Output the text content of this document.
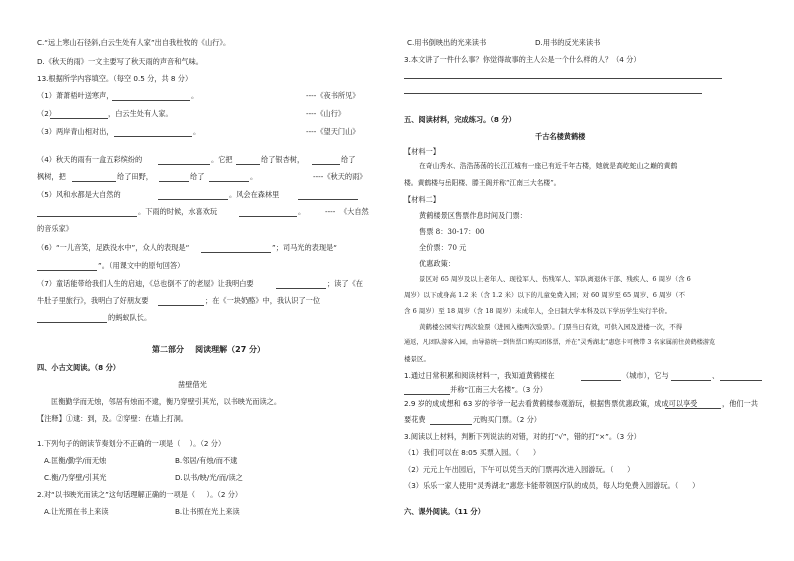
C.“远上寒山石径斜,白云生处有人家”出自我杜牧的《山行》。
D.《秋天的雨》一文主要写了秋天雨的声音和气味。
13.根据所学内容填空。（每空 0.5 分，共 8 分）
（1）萧萧梧叶送寒声，	。	----《夜书所见》
（2）	，白云生处有人家。	----《山行》
（3）两岸青山相对出，	。	----《望天门山》
（4）秋天的雨有一盒五彩缤纷的	。它把	给了银杏树，	给了
枫树，把	给了田野，	给了	。	----《秋天的雨》
（5）风和水都是大自然的	。风会在森林里
。下雨的时候，水喜欢玩	。	----  《大自然
的音乐家》
（6）“一儿音笑，足跌没水中”，众人的表现是“	”；司马光的表现是“
”。（用课文中的原句回答）
（7）童话能带给我们人生的启迪，《总也倒不了的老屋》让我明白要	；读了《在
牛肚子里旅行》，我明白了好朋友要	；在《一块奶酪》中，我认识了一位
的蚂蚁队长。
第二部分    阅读理解（27 分）
四、小古文阅读。（8 分）
凿壁借光
匡衡勤学而无烛，邻居有烛而不逮，衡乃穿壁引其光，以书映光而读之。
【注释】①逮：到，及。②穿壁：在墙上打洞。
1.下列句子的朗读节奏划分不正确的一项是（    ）。（2 分）
A.匡衡/勤学/而无烛	B.邻居/有烛/而不逮
C.衡/乃穿壁/引其光	D.以书/映/光/而/读之
2.对“以书映光而读之”这句话理解正确的一项是（     ）。（2 分）
A.让光照在书上来读	B.让书照在光上来读
C.用书倒映出的光来读书	D.用书的反光来读书
3.本文讲了一件什么事？你觉得故事的主人公是一个什么样的人？（4 分）
五、阅读材料，完成练习。（8 分）
千古名楼黄鹤楼
【材料一】
在奇山秀水、浩浩荡荡的长江江城有一座已有近千年古楼，她就是高屹蛇山之巅的黄鹤
楼。黄鹤楼与岳阳楼、滕王阁并称“江南三大名楼”。
【材料二】
黄鹤楼景区售票作息时间及门票：
售票 8：30-17：00
全价票：70 元
优惠政策：
景区对 65 周岁及以上老年人、现役军人、伤残军人、军队离退休干部、残疾人、6 周岁（含 6
周岁）以下或身高 1.2 米（含 1.2 米）以下的儿童免费入园；对 60 周岁至 65 周岁、6 周岁（不
含 6 周岁）至 18 周岁（含 18 周岁）未成年人，全日制大学本科及以下学历学生实行半价。
黄鹤楼公园实行两次验票（进园入楼两次验票）。门票当日有效，可供入园及进楼一次，不得
通返，凡团队游客入园，由导游统一到售票口购买团体票，并在“灵秀湖北”惠您卡可携带 3 名家属前往黄鹤楼游览
楼景区。
1.通过日常积累和阅读材料一，我知道黄鹤楼在	（城市），它与	、
并称“江南三大名楼”。（3 分）
2.9 岁的成成想和 63 岁的爷爷一起去看黄鹤楼参观游玩，根据售票优惠政策，成成可以享受	，他们一共
要花费	元购买门票。（2 分）
3.阅读以上材料，判断下列说法的对错，对的打“√”，错的打“×”。（3 分）
（1）我们可以在 8:05 买票入园。（      ）
（2）元元上午出园后，下午可以凭当天的门票再次进入园游玩。（      ）
（3）乐乐一家人使用“灵秀湖北”惠您卡能带领医疗队的成员，每人均免费入园游玩。（      ）
六、课外阅读。（11 分）
